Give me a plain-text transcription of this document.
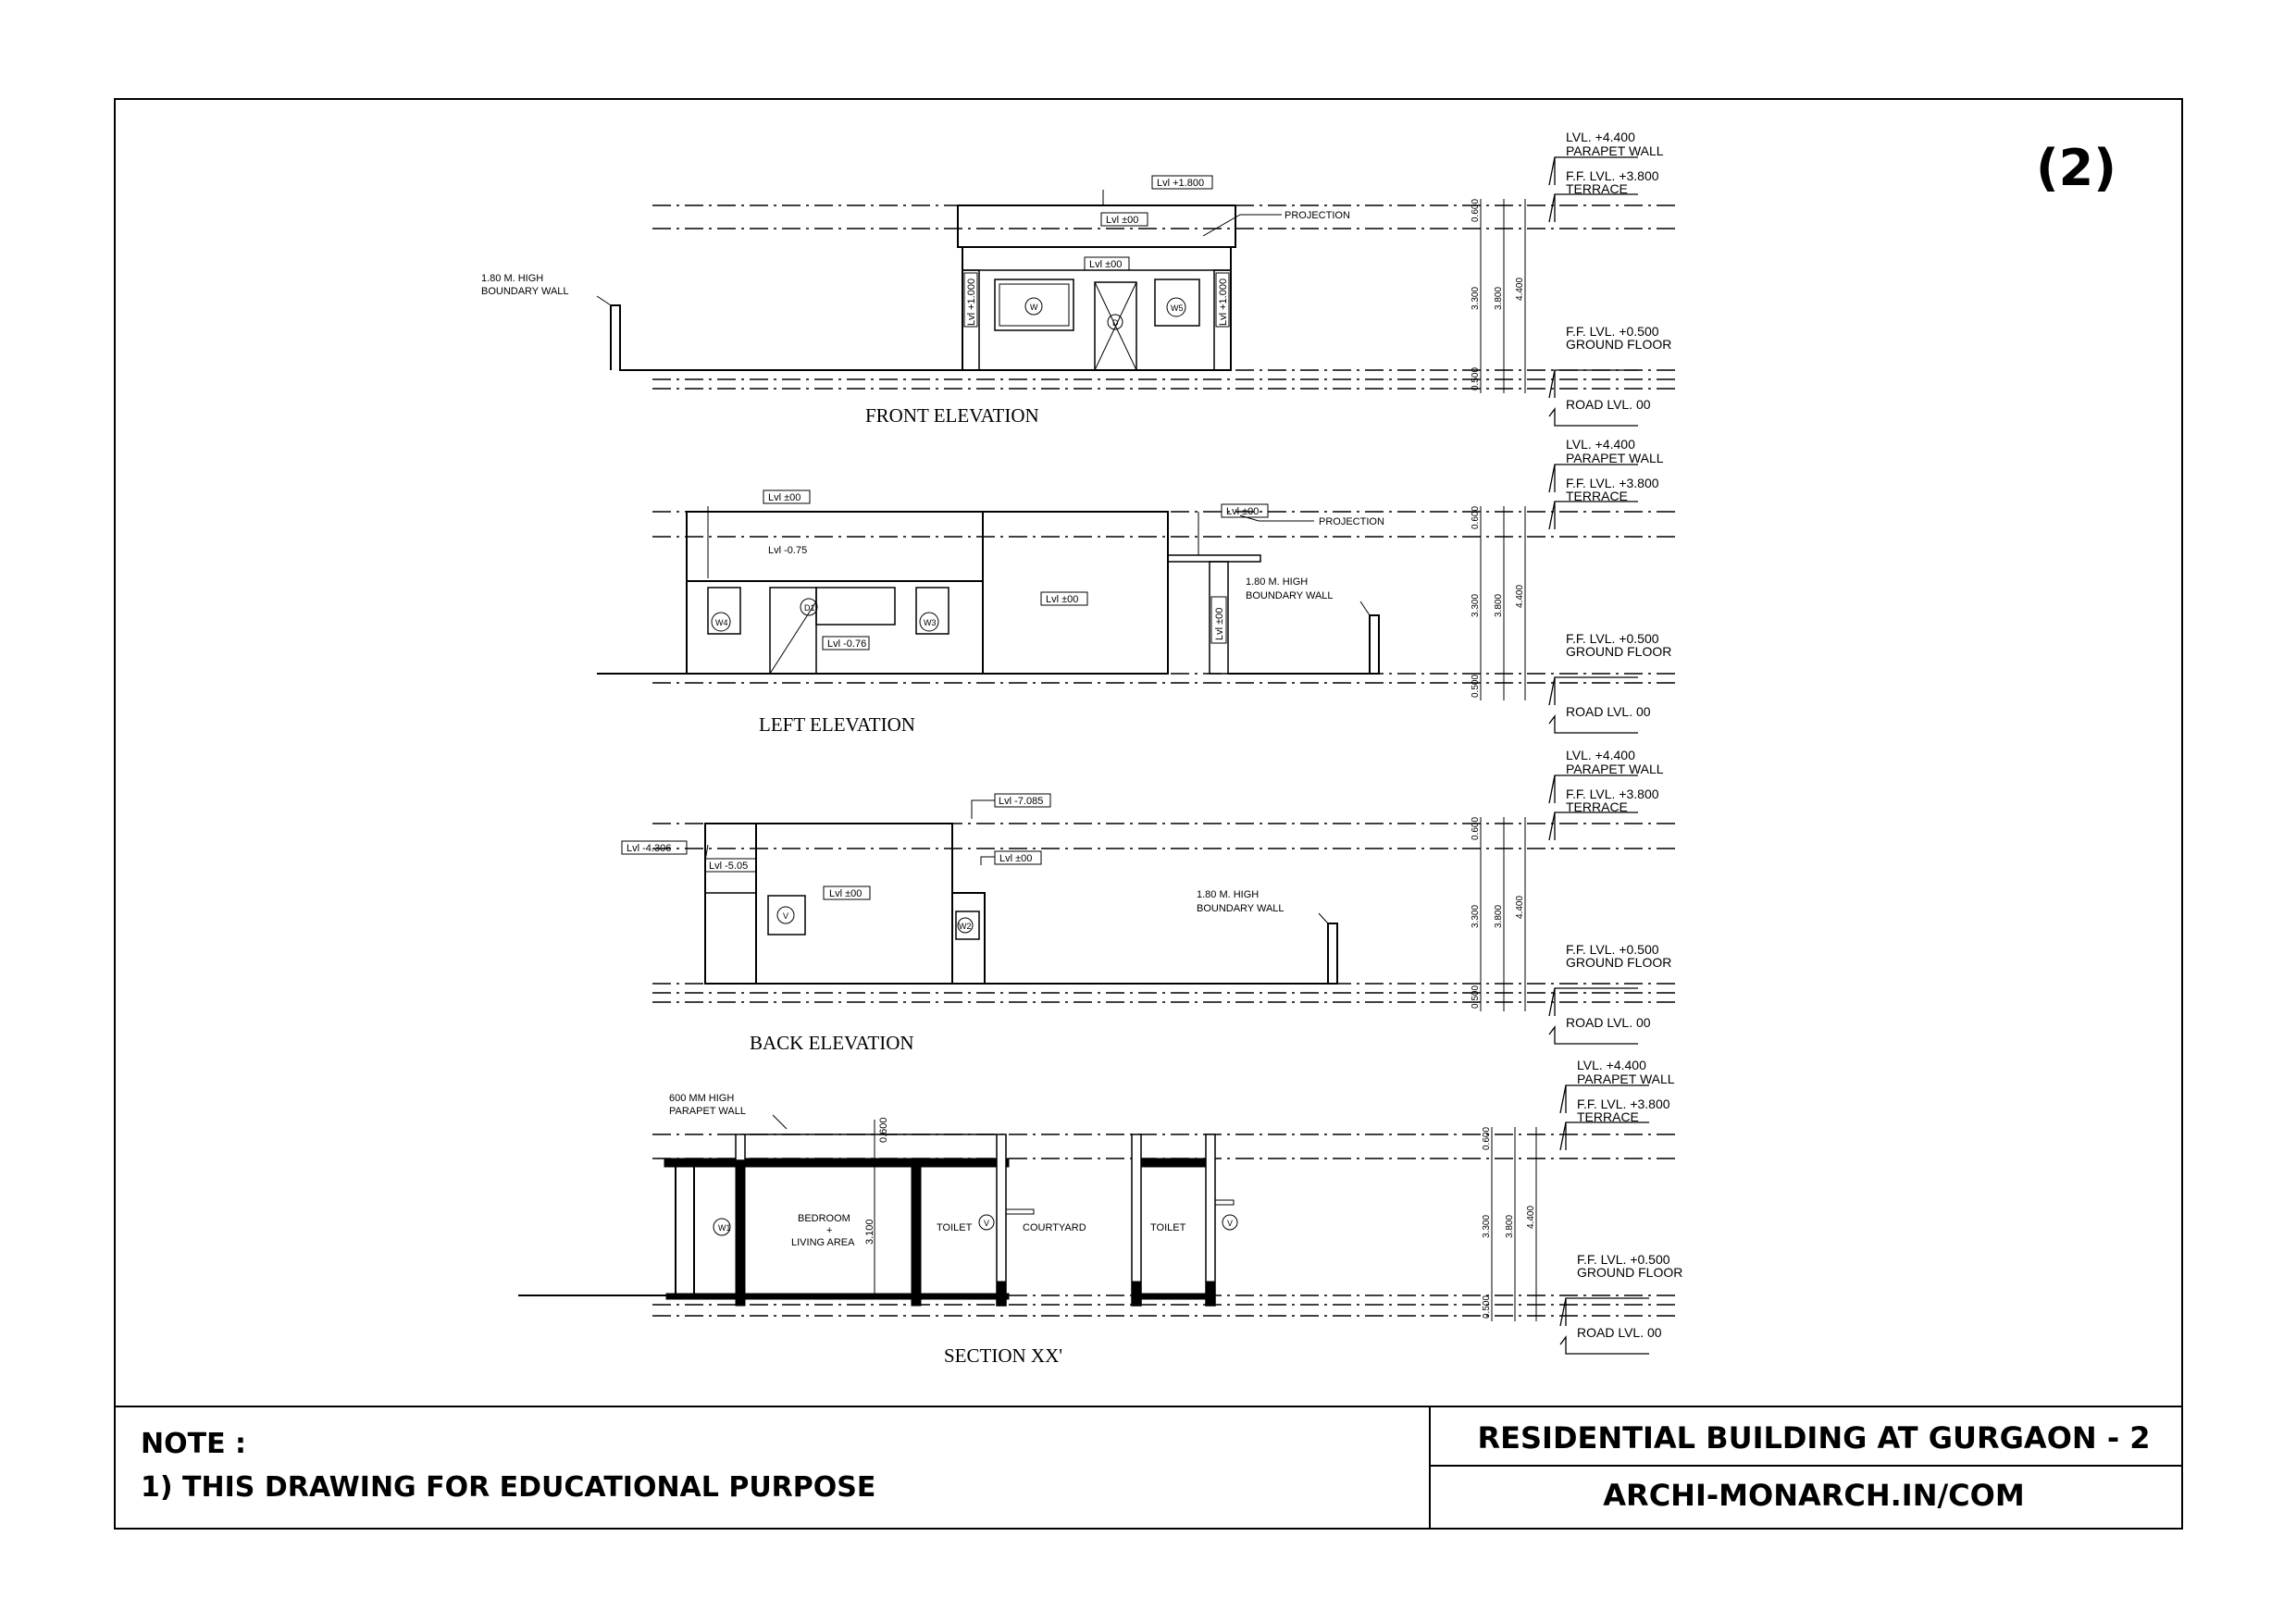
Lvl +1.800
Lvl ±00
Lvl ±00
Lvl +1.000	Lvl +1.000
PROJECTION
1.80 M. HIGH
BOUNDARY WALL
W
D
W5
FRONT ELEVATION
Lvl ±00
Lvl -0.75
Lvl -0.76
Lvl ±00
Lvl ±00
Lvl ±00
PROJECTION
1.80 M. HIGH
BOUNDARY WALL
W4
D1
W3
LEFT ELEVATION
Lvl -7.085
Lvl -4.306
Lvl -5.05
Lvl ±00
Lvl ±00
1.80 M. HIGH
BOUNDARY WALL
V
W2
BACK ELEVATION
600 MM HIGH
PARAPET WALL
BEDROOM
+
LIVING AREA
TOILET	COURTYARD	TOILET
0.600
3.100
W1	V	V
SECTION XX'
LVL. +4.400
PARAPET WALL
F.F. LVL. +3.800
TERRACE
F.F. LVL. +0.500
GROUND FLOOR
ROAD LVL. 00
0.600
3.300 3.800 4.400
0.500
LVL. +4.400
PARAPET WALL
F.F. LVL. +3.800
TERRACE
F.F. LVL. +0.500
GROUND FLOOR
ROAD LVL. 00
0.600
3.300 3.800 4.400
0.500
LVL. +4.400
PARAPET WALL
F.F. LVL. +3.800
TERRACE
F.F. LVL. +0.500
GROUND FLOOR
ROAD LVL. 00
0.600
3.300 3.800 4.400
0.500
LVL. +4.400
PARAPET WALL
F.F. LVL. +3.800
TERRACE
F.F. LVL. +0.500
GROUND FLOOR
ROAD LVL. 00
0.600
3.300 3.800 4.400
0.500
(2)
NOTE :
1) THIS DRAWING FOR EDUCATIONAL PURPOSE
RESIDENTIAL BUILDING AT GURGAON - 2
ARCHI-MONARCH.IN/COM
